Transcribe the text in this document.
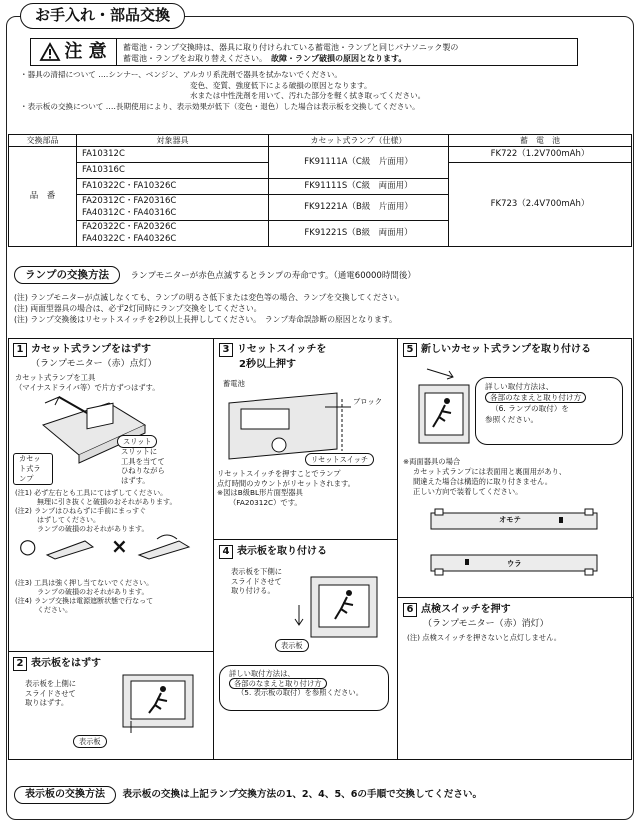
お手入れ・部品交換
注 意 蓄電池・ランプ交換時は、器具に取り付けられている蓄電池・ランプと同じパナソニック製の
蓄電池・ランプをお取り替えください。　 故障・ランプ破損の原因となります。
・器具の清掃について ‥‥シンナー、ベンジン、アルカリ系洗剤で器具を拭かないでください。
変色、変質、強度低下による破損の原因となります。
水または中性洗剤を用いて、汚れた部分を軽く拭き取ってください。
・表示板の交換について ‥‥長期使用により、表示効果が低下（変色・退色）した場合は表示板を交換してください。
交換部品	対象器具	カセット式ランプ（仕様）	蓄　電　池
品　番	FA10312C	FK91111A（C級　片面用）	FK722（1.2V700mAh）
	FA10316C		FK723（2.4V700mAh）
	FA10322C・FA10326C	FK91111S（C級　両面用）	
	FA20312C・FA20316C	FK91221A（B級　片面用）	
	FA40312C・FA40316C		
	FA20322C・FA20326C	FK91221S（B級　両面用）	
	FA40322C・FA40326C		
ランプの交換方法	ランプモニターが赤色点滅するとランプの寿命です。（通電60000時間後）
(注) ランプモニターが点滅しなくても、ランプの明るさ低下または変色等の場合、ランプを交換してください。
(注) 両面型器具の場合は、必ず2灯同時にランプ交換をしてください。
(注) ランプ交換後はリセットスイッチを2秒以上長押ししてください。　ランプ寿命誤診断の原因となります。
1 カセット式ランプをはずす
（ランプモニター（赤）点灯）
カセット式ランプを工具
（マイナスドライバ等）で片方ずつはずす。
スリット
スリットに
工具を当てて
ひねりながら
はずす。
カセット式ランプ
(注1) 必ず左右とも工具にてはずしてください。
無理に引き抜くと破損のおそれがあります。
(注2) ランプはひねらずに手前にまっすぐ
はずしてください。
ランプの破損のおそれがあります。
○	×
(注3) 工具は強く押し当てないでください。
ランプの破損のおそれがあります。
(注4) ランプ交換は電源遮断状態で行なって
ください。
2 表示板をはずす
表示板を上側に
スライドさせて
取りはずす。
表示板
3 リセットスイッチを
2秒以上押す
蓄電池
ブロック
リセットスイッチ
リセットスイッチを押すことでランプ
点灯時間のカウントがリセットされます。
※図はB級BL形片面型器具
（FA20312C）です。
4 表示板を取り付ける
表示板を下側に
スライドさせて
取り付ける。
表示板
詳しい取付方法は、
各部のなまえと取り付け方
（5. 表示板の取付）を参照ください。
5 新しいカセット式ランプを取り付ける
詳しい取付方法は、
各部のなまえと取り付け方
（6. ランプの取付）を
参照ください。
※両面器具の場合
カセット式ランプには表面用と裏面用があり、
間違えた場合は構造的に取り付きません。
正しい方向で装着してください。
オモテ
ウラ
6 点検スイッチを押す
（ランプモニター（赤）消灯）
(注) 点検スイッチを押さないと点灯しません。
表示板の交換方法 表示板の交換は上記ランプ交換方法の1、2、4、5、6の手順で交換してください。
